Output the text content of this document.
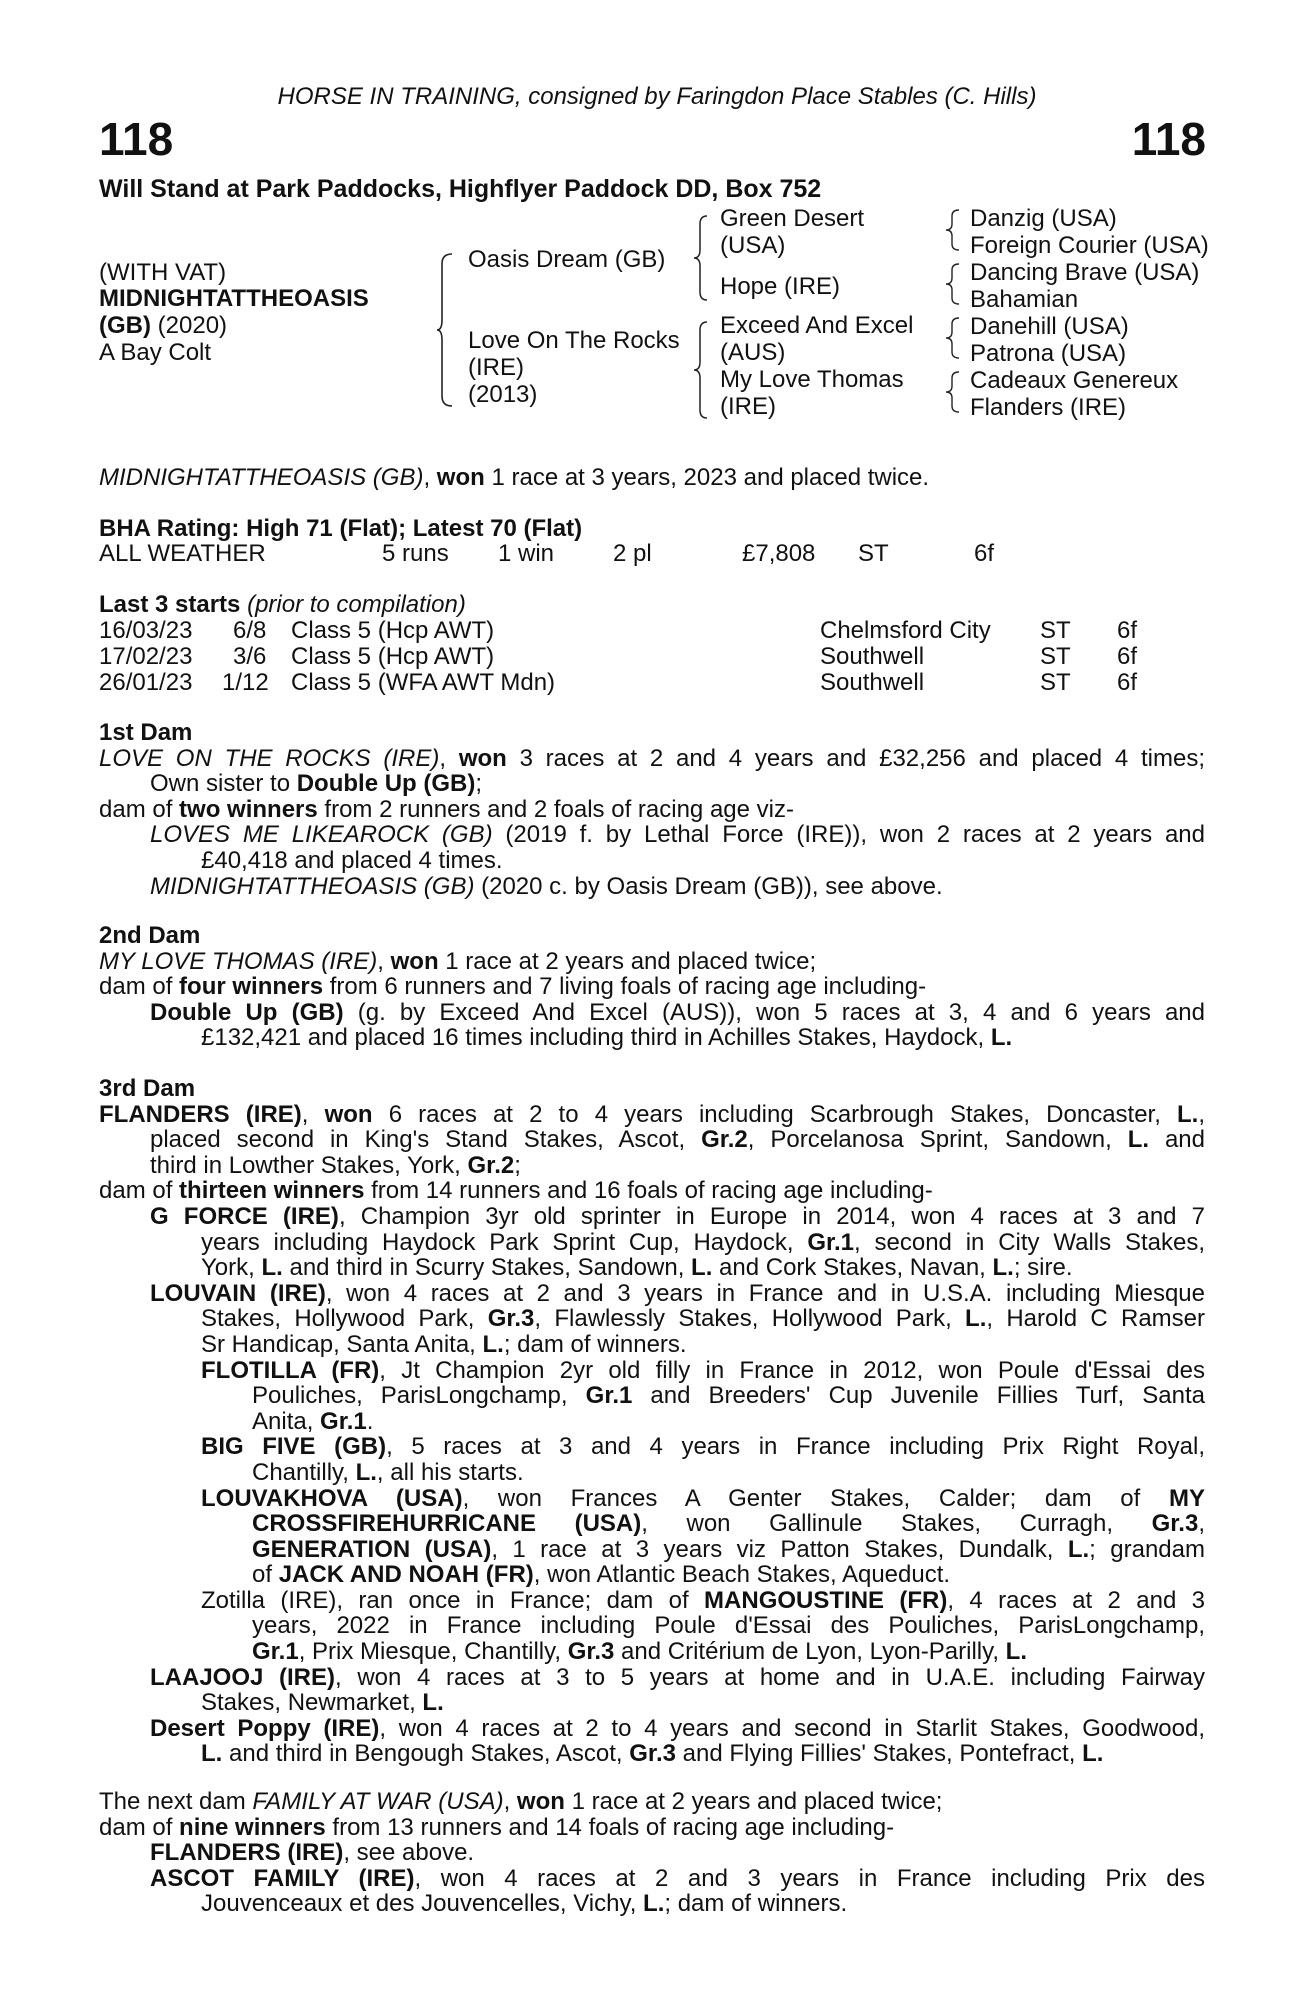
HORSE IN TRAINING, consigned by Faringdon Place Stables (C. Hills)
118	118
Will Stand at Park Paddocks, Highflyer Paddock DD, Box 752
(WITH VAT)
MIDNIGHTATTHEOASIS
(GB) (2020)
A Bay Colt
Oasis Dream (GB)
Love On The Rocks
(IRE)
(2013)
Green Desert
(USA)
Hope (IRE)
Exceed And Excel
(AUS)
My Love Thomas
(IRE)
Danzig (USA)
Foreign Courier (USA)
Dancing Brave (USA)
Bahamian
Danehill (USA)
Patrona (USA)
Cadeaux Genereux
Flanders (IRE)
MIDNIGHTATTHEOASIS (GB), won 1 race at 3 years, 2023 and placed twice.
BHA Rating: High 71 (Flat); Latest 70 (Flat)
ALL WEATHER	5 runs 1 win 2 pl	£7,808 ST	6f
Last 3 starts (prior to compilation)
16/03/23 6/8 Class 5 (Hcp AWT)	Chelmsford City ST 6f
17/02/23 3/6 Class 5 (Hcp AWT)	Southwell	ST 6f
26/01/23 1/12 Class 5 (WFA AWT Mdn)	Southwell	ST 6f
1st Dam
LOVE ON THE ROCKS (IRE), won 3 races at 2 and 4 years and £32,256 and placed 4 times;
Own sister to Double Up (GB);
dam of two winners from 2 runners and 2 foals of racing age viz-
LOVES ME LIKEAROCK (GB) (2019 f. by Lethal Force (IRE)), won 2 races at 2 years and
£40,418 and placed 4 times.
MIDNIGHTATTHEOASIS (GB) (2020 c. by Oasis Dream (GB)), see above.
2nd Dam
MY LOVE THOMAS (IRE), won 1 race at 2 years and placed twice;
dam of four winners from 6 runners and 7 living foals of racing age including-
Double Up (GB) (g. by Exceed And Excel (AUS)), won 5 races at 3, 4 and 6 years and
£132,421 and placed 16 times including third in Achilles Stakes, Haydock, L.
3rd Dam
FLANDERS (IRE), won 6 races at 2 to 4 years including Scarbrough Stakes, Doncaster, L.,
placed second in King's Stand Stakes, Ascot, Gr.2, Porcelanosa Sprint, Sandown, L. and
third in Lowther Stakes, York, Gr.2;
dam of thirteen winners from 14 runners and 16 foals of racing age including-
G FORCE (IRE), Champion 3yr old sprinter in Europe in 2014, won 4 races at 3 and 7
years including Haydock Park Sprint Cup, Haydock, Gr.1, second in City Walls Stakes,
York, L. and third in Scurry Stakes, Sandown, L. and Cork Stakes, Navan, L.; sire.
LOUVAIN (IRE), won 4 races at 2 and 3 years in France and in U.S.A. including Miesque
Stakes, Hollywood Park, Gr.3, Flawlessly Stakes, Hollywood Park, L., Harold C Ramser
Sr Handicap, Santa Anita, L.; dam of winners.
FLOTILLA (FR), Jt Champion 2yr old filly in France in 2012, won Poule d'Essai des
Pouliches, ParisLongchamp, Gr.1 and Breeders' Cup Juvenile Fillies Turf, Santa
Anita, Gr.1.
BIG FIVE (GB), 5 races at 3 and 4 years in France including Prix Right Royal,
Chantilly, L., all his starts.
LOUVAKHOVA (USA), won Frances A Genter Stakes, Calder; dam of MY
CROSSFIREHURRICANE (USA), won Gallinule Stakes, Curragh, Gr.3,
GENERATION (USA), 1 race at 3 years viz Patton Stakes, Dundalk, L.; grandam
of JACK AND NOAH (FR), won Atlantic Beach Stakes, Aqueduct.
Zotilla (IRE), ran once in France; dam of MANGOUSTINE (FR), 4 races at 2 and 3
years, 2022 in France including Poule d'Essai des Pouliches, ParisLongchamp,
Gr.1, Prix Miesque, Chantilly, Gr.3 and Critérium de Lyon, Lyon-Parilly, L.
LAAJOOJ (IRE), won 4 races at 3 to 5 years at home and in U.A.E. including Fairway
Stakes, Newmarket, L.
Desert Poppy (IRE), won 4 races at 2 to 4 years and second in Starlit Stakes, Goodwood,
L. and third in Bengough Stakes, Ascot, Gr.3 and Flying Fillies' Stakes, Pontefract, L.
The next dam FAMILY AT WAR (USA), won 1 race at 2 years and placed twice;
dam of nine winners from 13 runners and 14 foals of racing age including-
FLANDERS (IRE), see above.
ASCOT FAMILY (IRE), won 4 races at 2 and 3 years in France including Prix des
Jouvenceaux et des Jouvencelles, Vichy, L.; dam of winners.
